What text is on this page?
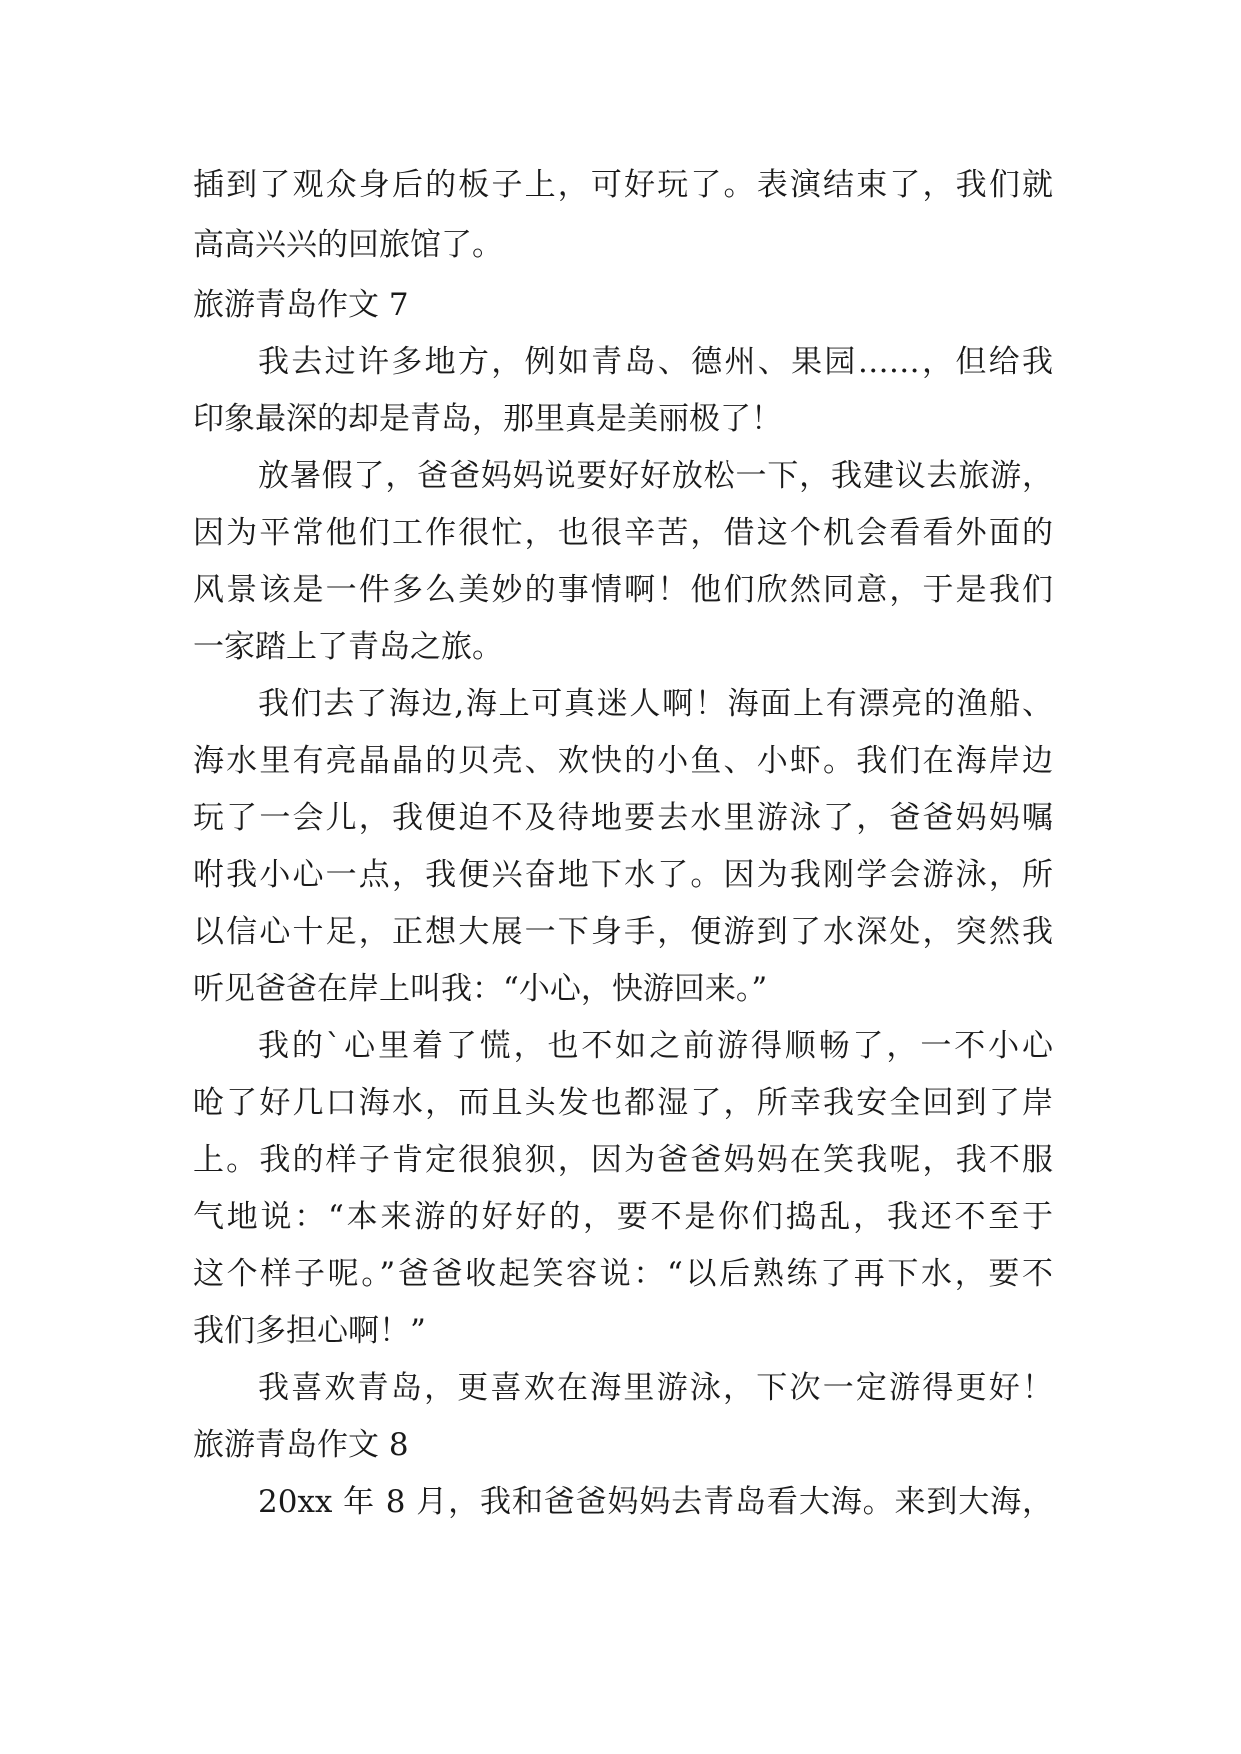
插到了观众身后的板子上，可好玩了。表演结束了，我们就
高高兴兴的回旅馆了。
旅游青岛作文 7
我去过许多地方，例如青岛、德州、果园……，但给我
印象最深的却是青岛，那里真是美丽极了！
放暑假了，爸爸妈妈说要好好放松一下，我建议去旅游，
因为平常他们工作很忙，也很辛苦，借这个机会看看外面的
风景该是一件多么美妙的事情啊！他们欣然同意，于是我们
一家踏上了青岛之旅。
我们去了海边,海上可真迷人啊！海面上有漂亮的渔船、
海水里有亮晶晶的贝壳、欢快的小鱼、小虾。我们在海岸边
玩了一会儿，我便迫不及待地要去水里游泳了，爸爸妈妈嘱
咐我小心一点，我便兴奋地下水了。因为我刚学会游泳，所
以信心十足，正想大展一下身手，便游到了水深处，突然我
听见爸爸在岸上叫我：“小心，快游回来。”
我的`心里着了慌，也不如之前游得顺畅了，一不小心
呛了好几口海水，而且头发也都湿了，所幸我安全回到了岸
上。我的样子肯定很狼狈，因为爸爸妈妈在笑我呢，我不服
气地说：“本来游的好好的，要不是你们捣乱，我还不至于
这个样子呢。”爸爸收起笑容说：“以后熟练了再下水，要不
我们多担心啊！”
我喜欢青岛，更喜欢在海里游泳，下次一定游得更好！
旅游青岛作文 8
20xx 年 8 月，我和爸爸妈妈去青岛看大海。来到大海，
